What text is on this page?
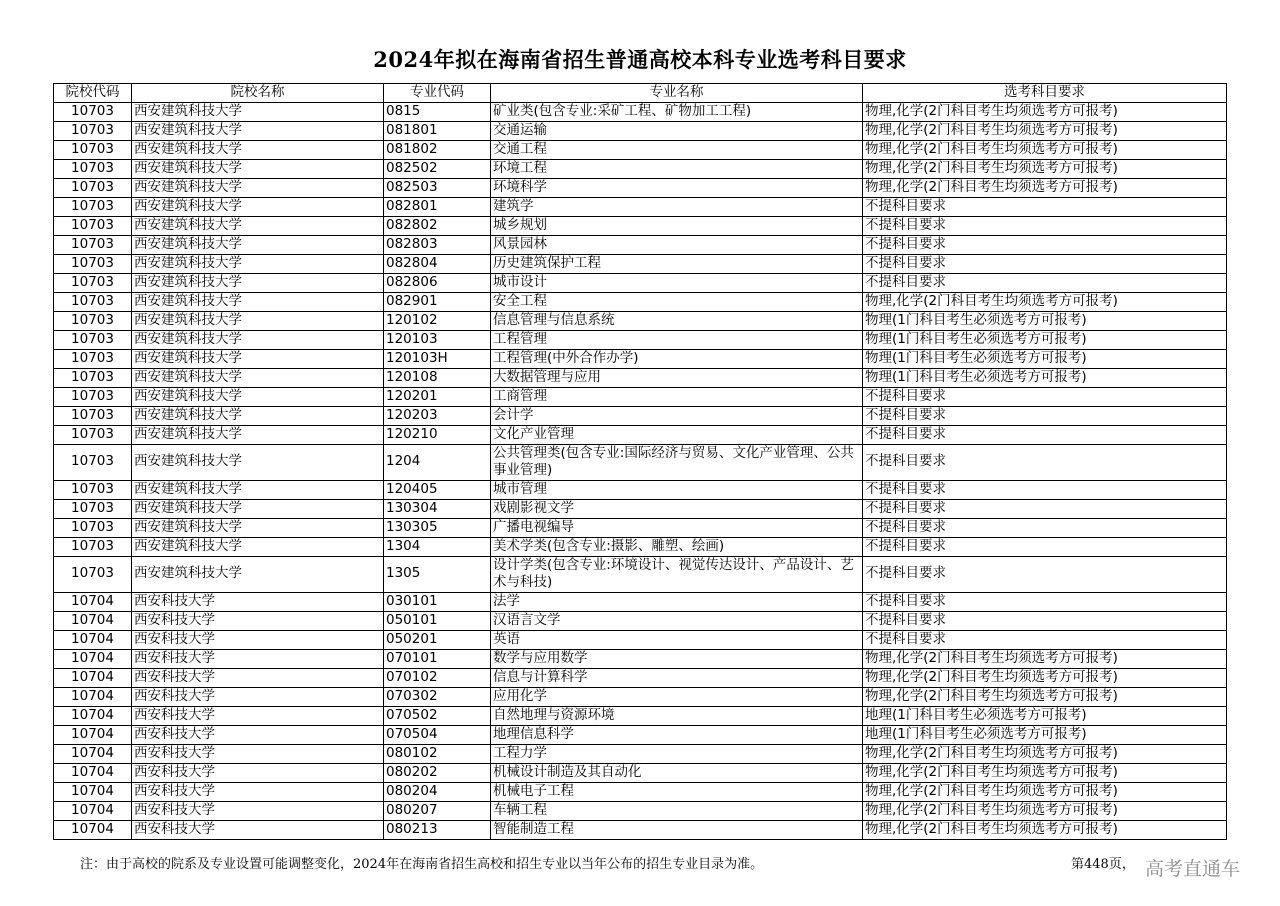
2024年拟在海南省招生普通高校本科专业选考科目要求
院校代码	院校名称	专业代码	专业名称	选考科目要求
10703	西安建筑科技大学	0815	矿业类(包含专业:采矿工程、矿物加工工程)	物理,化学(2门科目考生均须选考方可报考)
10703	西安建筑科技大学	081801	交通运输	物理,化学(2门科目考生均须选考方可报考)
10703	西安建筑科技大学	081802	交通工程	物理,化学(2门科目考生均须选考方可报考)
10703	西安建筑科技大学	082502	环境工程	物理,化学(2门科目考生均须选考方可报考)
10703	西安建筑科技大学	082503	环境科学	物理,化学(2门科目考生均须选考方可报考)
10703	西安建筑科技大学	082801	建筑学	不提科目要求
10703	西安建筑科技大学	082802	城乡规划	不提科目要求
10703	西安建筑科技大学	082803	风景园林	不提科目要求
10703	西安建筑科技大学	082804	历史建筑保护工程	不提科目要求
10703	西安建筑科技大学	082806	城市设计	不提科目要求
10703	西安建筑科技大学	082901	安全工程	物理,化学(2门科目考生均须选考方可报考)
10703	西安建筑科技大学	120102	信息管理与信息系统	物理(1门科目考生必须选考方可报考)
10703	西安建筑科技大学	120103	工程管理	物理(1门科目考生必须选考方可报考)
10703	西安建筑科技大学	120103H	工程管理(中外合作办学)	物理(1门科目考生必须选考方可报考)
10703	西安建筑科技大学	120108	大数据管理与应用	物理(1门科目考生必须选考方可报考)
10703	西安建筑科技大学	120201	工商管理	不提科目要求
10703	西安建筑科技大学	120203	会计学	不提科目要求
10703	西安建筑科技大学	120210	文化产业管理	不提科目要求
10703	西安建筑科技大学	1204	公共管理类(包含专业:国际经济与贸易、文化产业管理、公共事业管理)	不提科目要求
10703	西安建筑科技大学	120405	城市管理	不提科目要求
10703	西安建筑科技大学	130304	戏剧影视文学	不提科目要求
10703	西安建筑科技大学	130305	广播电视编导	不提科目要求
10703	西安建筑科技大学	1304	美术学类(包含专业:摄影、雕塑、绘画)	不提科目要求
10703	西安建筑科技大学	1305	设计学类(包含专业:环境设计、视觉传达设计、产品设计、艺术与科技)	不提科目要求
10704	西安科技大学	030101	法学	不提科目要求
10704	西安科技大学	050101	汉语言文学	不提科目要求
10704	西安科技大学	050201	英语	不提科目要求
10704	西安科技大学	070101	数学与应用数学	物理,化学(2门科目考生均须选考方可报考)
10704	西安科技大学	070102	信息与计算科学	物理,化学(2门科目考生均须选考方可报考)
10704	西安科技大学	070302	应用化学	物理,化学(2门科目考生均须选考方可报考)
10704	西安科技大学	070502	自然地理与资源环境	地理(1门科目考生必须选考方可报考)
10704	西安科技大学	070504	地理信息科学	地理(1门科目考生必须选考方可报考)
10704	西安科技大学	080102	工程力学	物理,化学(2门科目考生均须选考方可报考)
10704	西安科技大学	080202	机械设计制造及其自动化	物理,化学(2门科目考生均须选考方可报考)
10704	西安科技大学	080204	机械电子工程	物理,化学(2门科目考生均须选考方可报考)
10704	西安科技大学	080207	车辆工程	物理,化学(2门科目考生均须选考方可报考)
10704	西安科技大学	080213	智能制造工程	物理,化学(2门科目考生均须选考方可报考)
注：由于高校的院系及专业设置可能调整变化，2024年在海南省招生高校和招生专业以当年公布的招生专业目录为准。	第448页， 高考直通车
